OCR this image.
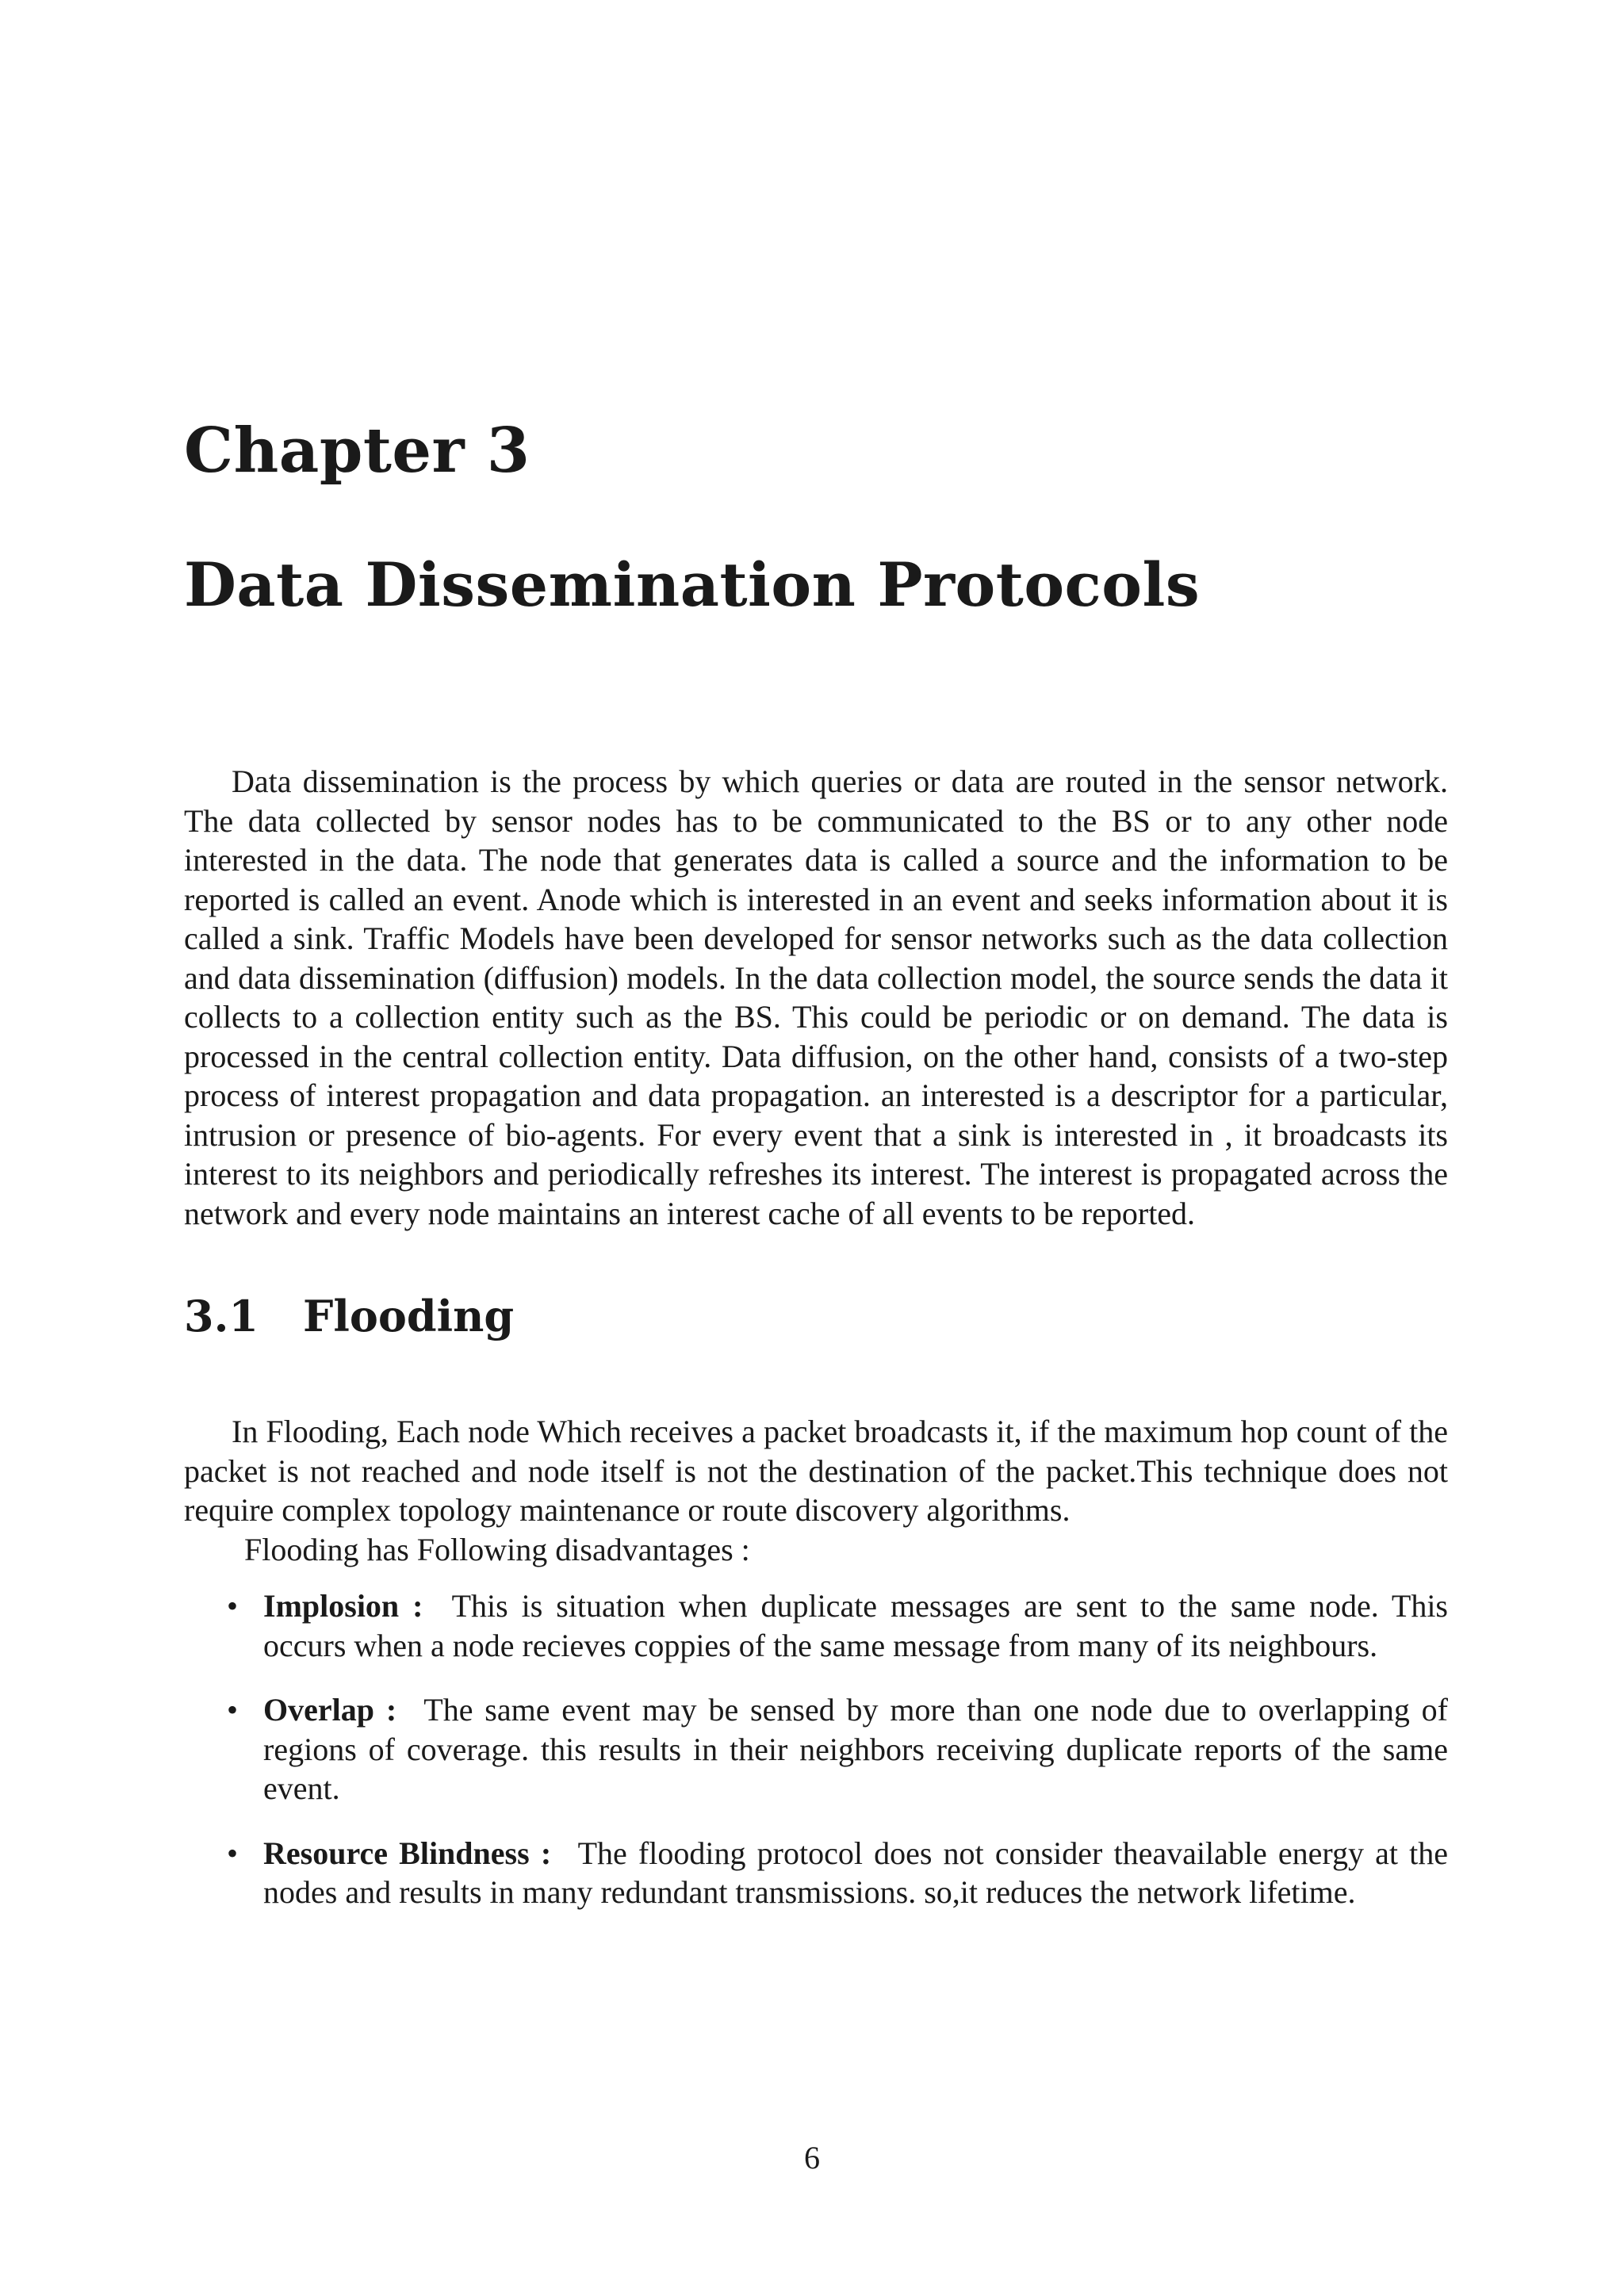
Chapter 3
Data Dissemination Protocols

Data dissemination is the process by which queries or data are routed in the sensor network. The data collected by sensor nodes has to be communicated to the BS or to any other node interested in the data. The node that generates data is called a source and the information to be reported is called an event. Anode which is interested in an event and seeks information about it is called a sink. Traffic Models have been developed for sensor networks such as the data collection and data dissemination (diffusion) models. In the data collection model, the source sends the data it collects to a collection entity such as the BS. This could be periodic or on demand. The data is processed in the central collection entity. Data diffusion, on the other hand, consists of a two-step process of interest propagation and data propagation. an interested is a descriptor for a particular, intrusion or presence of bio-agents. For every event that a sink is interested in , it broadcasts its interest to its neighbors and periodically refreshes its interest. The interest is propagated across the network and every node maintains an interest cache of all events to be reported.

3.1	Flooding

In Flooding, Each node Which receives a packet broadcasts it, if the maximum hop count of the packet is not reached and node itself is not the destination of the packet.This technique does not require complex topology maintenance or route discovery algorithms.

Flooding has Following disadvantages :

• Implosion : This is situation when duplicate messages are sent to the same node. This occurs when a node recieves coppies of the same message from many of its neighbours.
• Overlap : The same event may be sensed by more than one node due to overlapping of regions of coverage. this results in their neighbors receiving duplicate reports of the same event.
• Resource Blindness : The flooding protocol does not consider theavailable energy at the nodes and results in many redundant transmissions. so,it reduces the network lifetime.
6
